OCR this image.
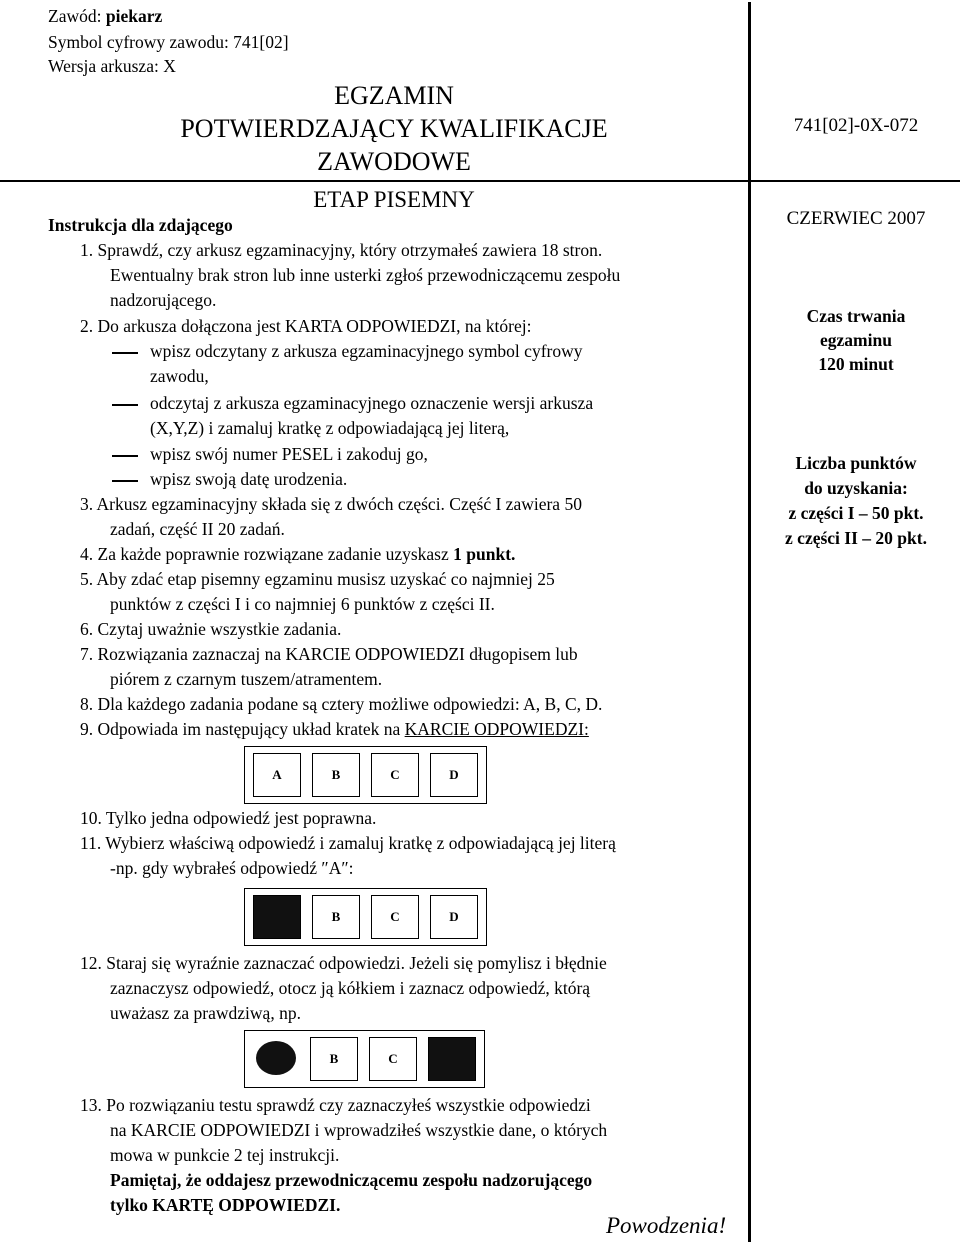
Zawód: piekarz
Symbol cyfrowy zawodu: 741[02]
Wersja arkusza: X
EGZAMIN
POTWIERDZAJĄCY KWALIFIKACJE
ZAWODOWE
ETAP PISEMNY
741[02]-0X-072
CZERWIEC 2007
Czas trwania
egzaminu
120 minut
Liczba punktów
do uzyskania:
z części I – 50 pkt.
z części II – 20 pkt.
Instrukcja dla zdającego
1. Sprawdź, czy arkusz egzaminacyjny, który otrzymałeś zawiera 18 stron.
Ewentualny brak stron lub inne usterki zgłoś przewodniczącemu zespołu
nadzorującego.
2. Do arkusza dołączona jest KARTA ODPOWIEDZI, na której:
wpisz odczytany z arkusza egzaminacyjnego symbol cyfrowy
zawodu,
odczytaj z arkusza egzaminacyjnego oznaczenie wersji arkusza
(X,Y,Z) i zamaluj kratkę z odpowiadającą jej literą,
wpisz swój numer PESEL i zakoduj go,
wpisz swoją datę urodzenia.
3. Arkusz egzaminacyjny składa się z dwóch części. Część I zawiera 50
zadań, część II 20 zadań.
4. Za każde poprawnie rozwiązane zadanie uzyskasz 1 punkt.
5. Aby zdać etap pisemny egzaminu musisz uzyskać co najmniej 25
punktów z części I i co najmniej 6 punktów z części II.
6. Czytaj uważnie wszystkie zadania.
7. Rozwiązania zaznaczaj na KARCIE ODPOWIEDZI długopisem lub
piórem z czarnym tuszem/atramentem.
8. Dla każdego zadania podane są cztery możliwe odpowiedzi: A, B, C, D.
9. Odpowiada im następujący układ kratek na KARCIE ODPOWIEDZI:
A	B	C	D
10. Tylko jedna odpowiedź jest poprawna.
11. Wybierz właściwą odpowiedź i zamaluj kratkę z odpowiadającą jej literą
-np. gdy wybrałeś odpowiedź ″A″:
B	C	D
12. Staraj się wyraźnie zaznaczać odpowiedzi. Jeżeli się pomylisz i błędnie
zaznaczysz odpowiedź, otocz ją kółkiem i zaznacz odpowiedź, którą
uważasz za prawdziwą, np.
B	C
13. Po rozwiązaniu testu sprawdź czy zaznaczyłeś wszystkie odpowiedzi
na KARCIE ODPOWIEDZI i wprowadziłeś wszystkie dane, o których
mowa w punkcie 2 tej instrukcji.
Pamiętaj, że oddajesz przewodniczącemu zespołu nadzorującego
tylko KARTĘ ODPOWIEDZI.
Powodzenia!
